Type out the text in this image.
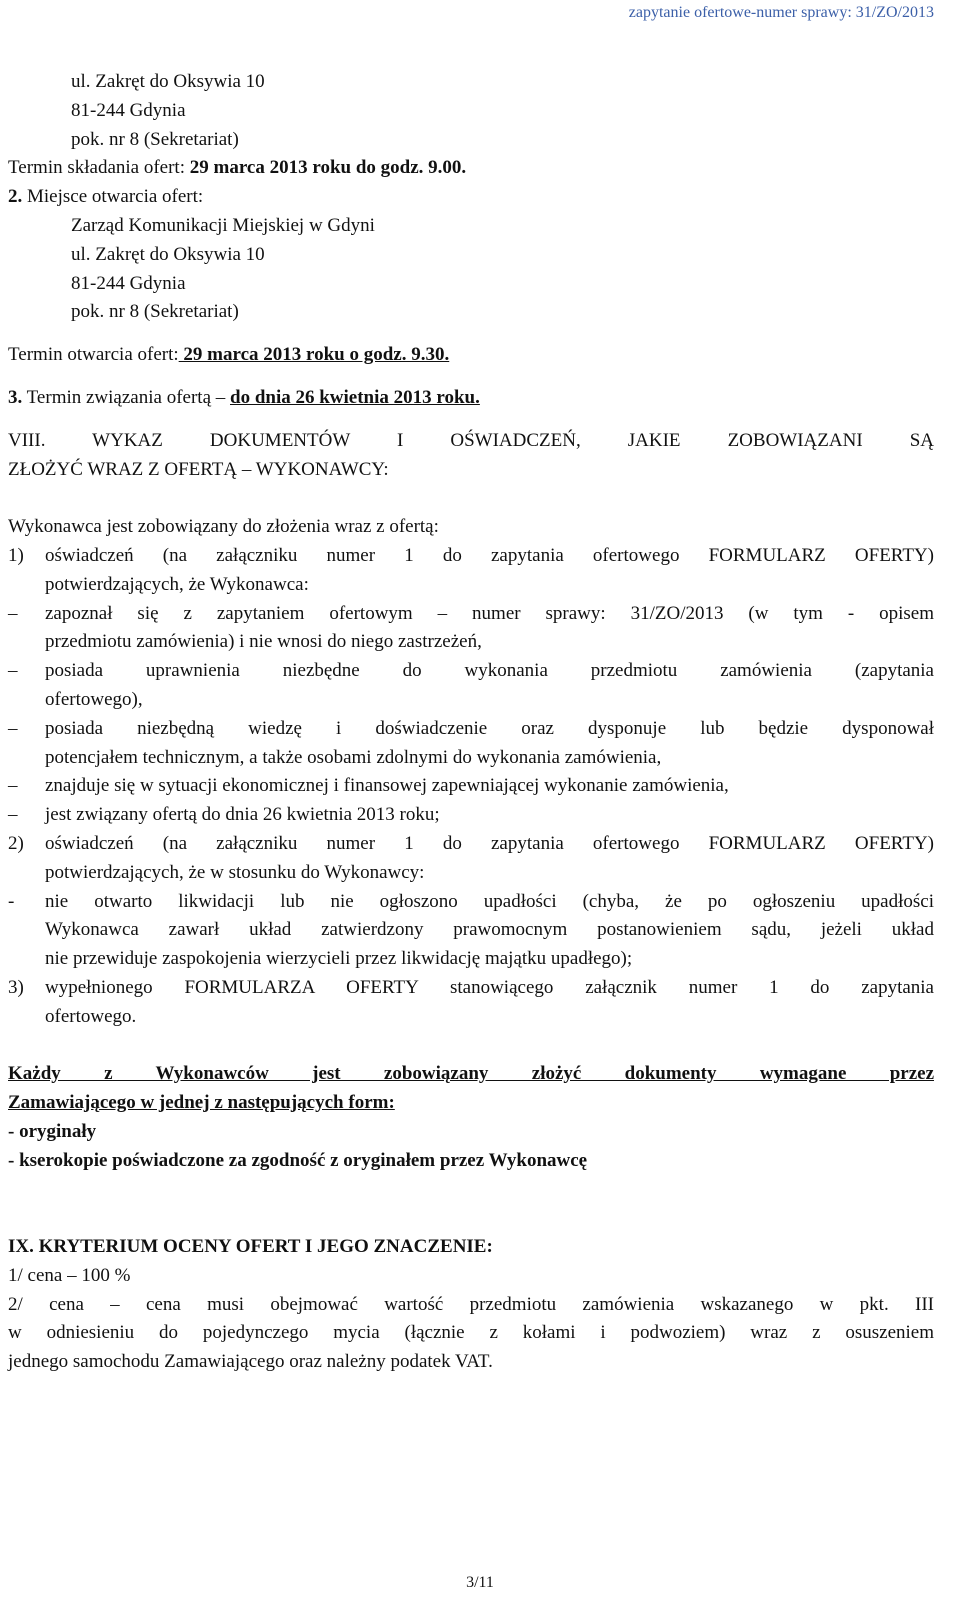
zapytanie ofertowe-numer sprawy: 31/ZO/2013

ul. Zakręt do Oksywia 10

81-244 Gdynia

pok. nr 8 (Sekretariat)

Termin składania ofert: 29 marca 2013 roku do godz. 9.00.

2. Miejsce otwarcia ofert:

Zarząd Komunikacji Miejskiej w Gdyni

ul. Zakręt do Oksywia 10

81-244 Gdynia

pok. nr 8 (Sekretariat)

Termin otwarcia ofert: 29 marca 2013 roku o godz. 9.30.

3. Termin związania ofertą – do dnia 26 kwietnia 2013 roku.

VIII. WYKAZ DOKUMENTÓW I OŚWIADCZEŃ, JAKIE ZOBOWIĄZANI SĄ

ZŁOŻYĆ WRAZ Z OFERTĄ – WYKONAWCY:

Wykonawca jest zobowiązany do złożenia wraz z ofertą:

1)	oświadczeń (na załączniku numer 1 do zapytania ofertowego FORMULARZ OFERTY)

potwierdzających, że Wykonawca:

–	zapoznał się z zapytaniem ofertowym – numer sprawy: 31/ZO/2013 (w tym - opisem

przedmiotu zamówienia) i nie wnosi do niego zastrzeżeń,

–	posiada uprawnienia niezbędne do wykonania przedmiotu zamówienia (zapytania

ofertowego),

–	posiada niezbędną wiedzę i doświadczenie oraz dysponuje lub będzie dysponował

potencjałem technicznym, a także osobami zdolnymi do wykonania zamówienia,

–	znajduje się w sytuacji ekonomicznej i finansowej zapewniającej wykonanie zamówienia,

–	jest związany ofertą do dnia 26 kwietnia 2013 roku;

2)	oświadczeń (na załączniku numer 1 do zapytania ofertowego FORMULARZ OFERTY)

potwierdzających, że w stosunku do Wykonawcy:

-	nie otwarto likwidacji lub nie ogłoszono upadłości (chyba, że po ogłoszeniu upadłości

Wykonawca zawarł układ zatwierdzony prawomocnym postanowieniem sądu, jeżeli układ

nie przewiduje zaspokojenia wierzycieli przez likwidację majątku upadłego);

3)	wypełnionego FORMULARZA OFERTY stanowiącego załącznik numer 1 do zapytania

ofertowego.

Każdy z Wykonawców jest zobowiązany złożyć dokumenty wymagane przez

Zamawiającego w jednej z następujących form:

- oryginały

- kserokopie poświadczone za zgodność z oryginałem przez Wykonawcę

IX. KRYTERIUM OCENY OFERT I JEGO ZNACZENIE:

1/ cena – 100 %

2/ cena – cena musi obejmować wartość przedmiotu zamówienia wskazanego w pkt. III

w odniesieniu do pojedynczego mycia (łącznie z kołami i podwoziem) wraz z osuszeniem

jednego samochodu Zamawiającego oraz należny podatek VAT.

3/11
